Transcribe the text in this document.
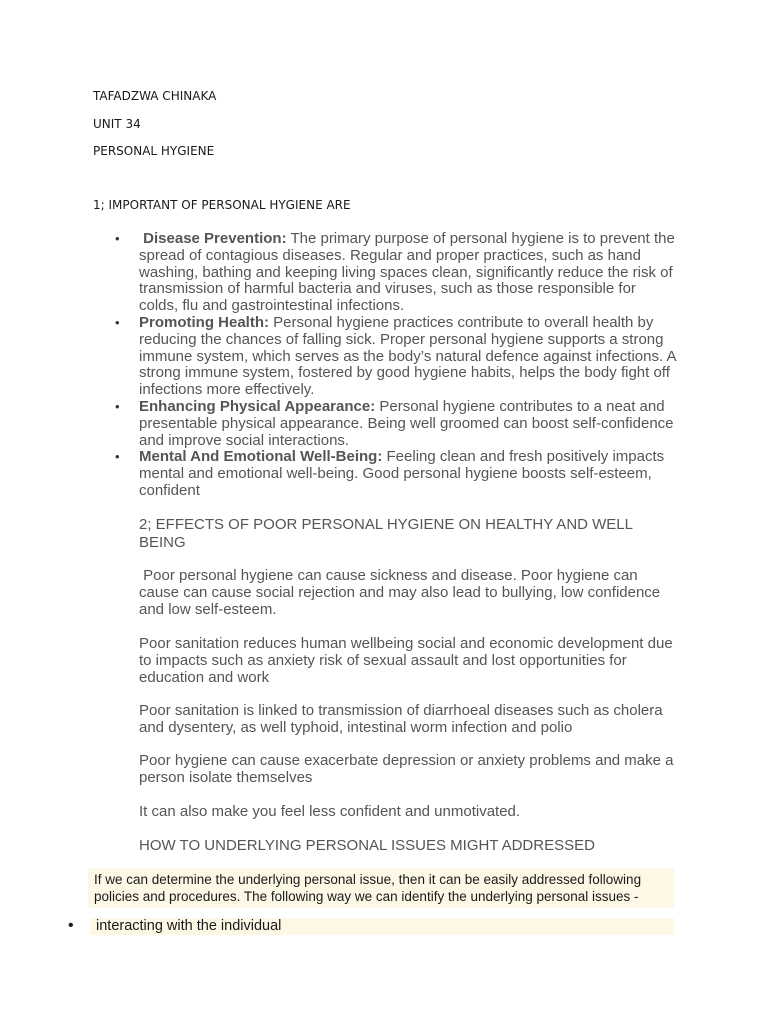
TAFADZWA CHINAKA
UNIT 34
PERSONAL HYGIENE
1; IMPORTANT OF PERSONAL HYGIENE ARE
•  Disease Prevention: The primary purpose of personal hygiene is to prevent the spread of contagious diseases. Regular and proper practices, such as hand washing, bathing and keeping living spaces clean, significantly reduce the risk of transmission of harmful bacteria and viruses, such as those responsible for colds, flu and gastrointestinal infections.
• Promoting Health: Personal hygiene practices contribute to overall health by reducing the chances of falling sick. Proper personal hygiene supports a strong immune system, which serves as the body’s natural defence against infections. A strong immune system, fostered by good hygiene habits, helps the body fight off infections more effectively.
• Enhancing Physical Appearance: Personal hygiene contributes to a neat and presentable physical appearance. Being well groomed can boost self-confidence and improve social interactions.
• Mental And Emotional Well-Being: Feeling clean and fresh positively impacts mental and emotional well-being. Good personal hygiene boosts self-esteem, confident

2; EFFECTS OF POOR PERSONAL HYGIENE ON HEALTHY AND WELL BEING

Poor personal hygiene can cause sickness and disease. Poor hygiene can cause can cause social rejection and may also lead to bullying, low confidence and low self-esteem.

Poor sanitation reduces human wellbeing social and economic development due to impacts such as anxiety risk of sexual assault and lost opportunities for education and work

Poor sanitation is linked to transmission of diarrhoeal diseases such as cholera and dysentery, as well typhoid, intestinal worm infection and polio

Poor hygiene can cause exacerbate depression or anxiety problems and make a person isolate themselves

It can also make you feel less confident and unmotivated.

HOW TO UNDERLYING PERSONAL ISSUES MIGHT ADDRESSED

If we can determine the underlying personal issue, then it can be easily addressed following policies and procedures. The following way we can identify the underlying personal issues -
• interacting with the individual
